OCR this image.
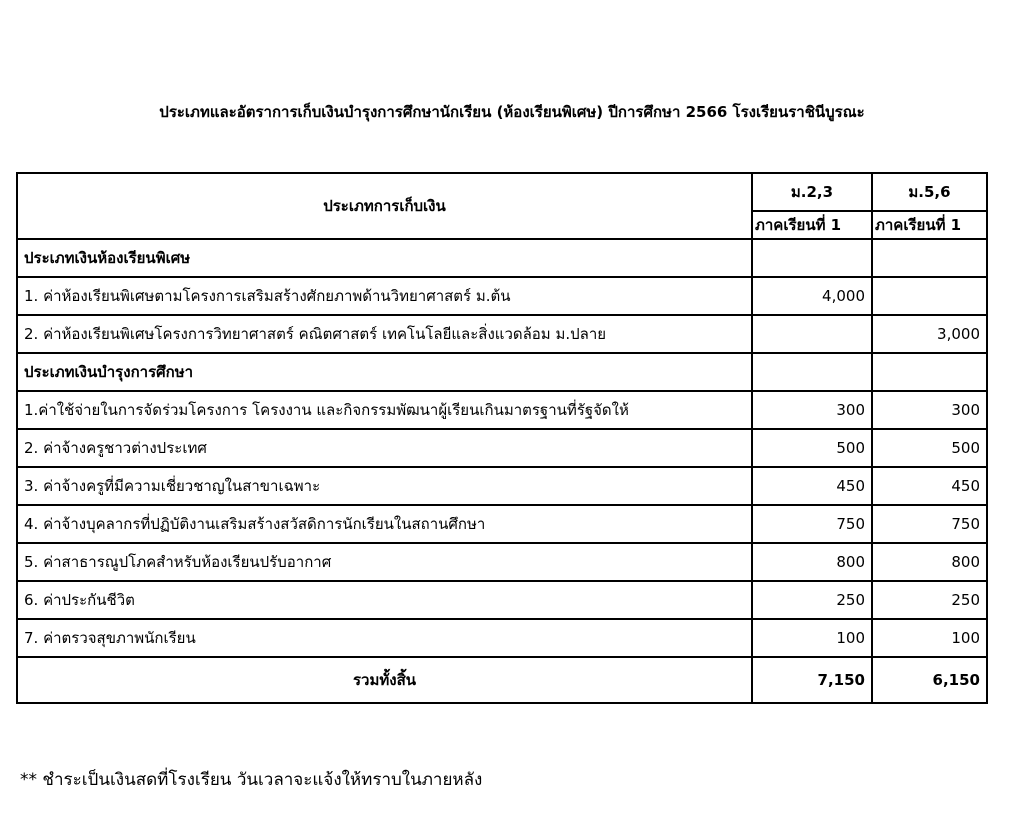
ประเภทและอัตราการเก็บเงินบำรุงการศึกษานักเรียน (ห้องเรียนพิเศษ) ปีการศึกษา 2566 โรงเรียนราชินีบูรณะ
ประเภทการเก็บเงิน	ม.2,3	ม.5,6
	ภาคเรียนที่ 1	ภาคเรียนที่ 1
ประเภทเงินห้องเรียนพิเศษ		
1. ค่าห้องเรียนพิเศษตามโครงการเสริมสร้างศักยภาพด้านวิทยาศาสตร์ ม.ต้น	4,000	
2. ค่าห้องเรียนพิเศษโครงการวิทยาศาสตร์ คณิตศาสตร์ เทคโนโลยีและสิ่งแวดล้อม ม.ปลาย		3,000
ประเภทเงินบำรุงการศึกษา		
1.ค่าใช้จ่ายในการจัดร่วมโครงการ โครงงาน และกิจกรรมพัฒนาผู้เรียนเกินมาตรฐานที่รัฐจัดให้	300	300
2. ค่าจ้างครูชาวต่างประเทศ	500	500
3. ค่าจ้างครูที่มีความเชี่ยวชาญในสาขาเฉพาะ	450	450
4. ค่าจ้างบุคลากรที่ปฏิบัติงานเสริมสร้างสวัสดิการนักเรียนในสถานศึกษา	750	750
5. ค่าสาธารณูปโภคสำหรับห้องเรียนปรับอากาศ	800	800
6. ค่าประกันชีวิต	250	250
7. ค่าตรวจสุขภาพนักเรียน	100	100
รวมทั้งสิ้น	7,150	6,150
** ชำระเป็นเงินสดที่โรงเรียน วันเวลาจะแจ้งให้ทราบในภายหลัง
